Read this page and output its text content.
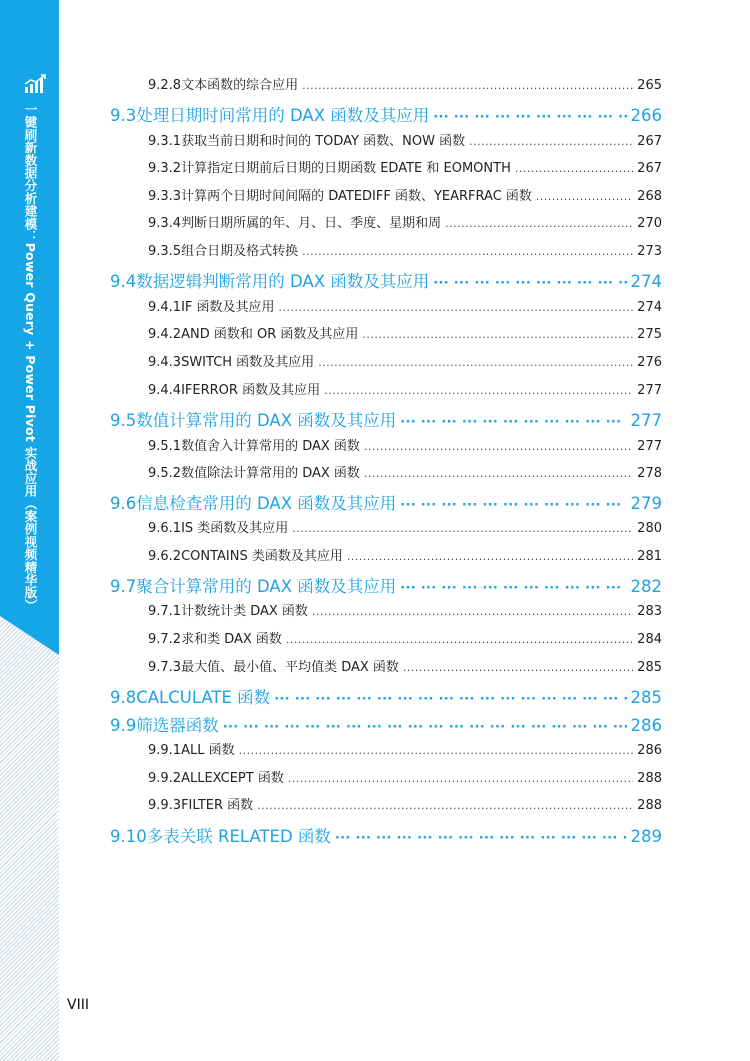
一键刷新数据分析建模：Power Query + Power Pivot 实战应用（案例视频精华版）
9.2.8 文本函数的综合应用 .....	265
9.3 处理日期时间常用的 DAX 函数及其应用 ··· ·	266
9.3.1 获取当前日期和时间的 TODAY 函数、NOW 函数 .....	267
9.3.2 计算指定日期前后日期的日期函数 EDATE 和 EOMONTH .....	267
9.3.3 计算两个日期时间间隔的 DATEDIFF 函数、YEARFRAC 函数 .....	268
9.3.4 判断日期所属的年、月、日、季度、星期和周 .....	270
9.3.5 组合日期及格式转换 .....	273
9.4 数据逻辑判断常用的 DAX 函数及其应用 ··· ·	274
9.4.1 IF 函数及其应用 .....	274
9.4.2 AND 函数和 OR 函数及其应用 .....	275
9.4.3 SWITCH 函数及其应用 .....	276
9.4.4 IFERROR 函数及其应用 .....	277
9.5 数值计算常用的 DAX 函数及其应用 ··· ·	277
9.5.1 数值舍入计算常用的 DAX 函数 .....	277
9.5.2 数值除法计算常用的 DAX 函数 .....	278
9.6 信息检查常用的 DAX 函数及其应用 ··· ·	279
9.6.1 IS 类函数及其应用 .....	280
9.6.2 CONTAINS 类函数及其应用 .....	281
9.7 聚合计算常用的 DAX 函数及其应用 ··· ·	282
9.7.1 计数统计类 DAX 函数 .....	283
9.7.2 求和类 DAX 函数 .....	284
9.7.3 最大值、最小值、平均值类 DAX 函数 .....	285
9.8 CALCULATE 函数 ··· ·	285
9.9 筛选器函数 ··· ·	286
9.9.1 ALL 函数 .....	286
9.9.2 ALLEXCEPT 函数 .....	288
9.9.3 FILTER 函数 .....	288
9.10 多表关联 RELATED 函数 ··· ·	289
VIII
